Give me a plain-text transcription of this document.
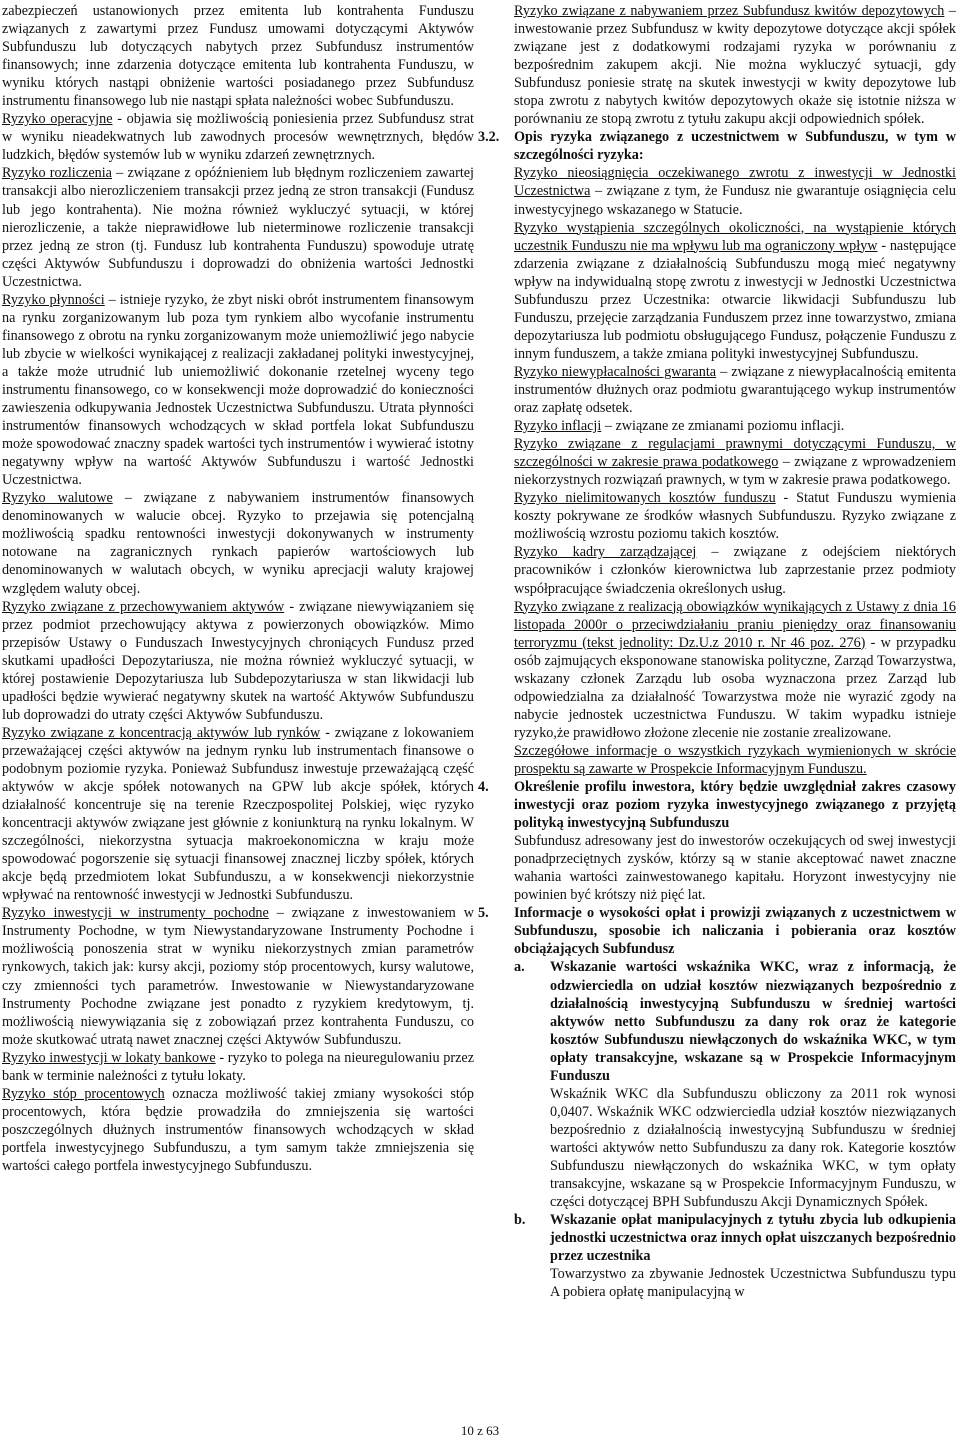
zabezpieczeń ustanowionych przez emitenta lub kontrahenta Funduszu związanych z zawartymi przez Fundusz umowami dotyczącymi Aktywów Subfunduszu lub dotyczących nabytych przez Subfundusz instrumentów finansowych; inne zdarzenia dotyczące emitenta lub kontrahenta Funduszu, w wyniku których nastąpi obniżenie wartości posiadanego przez Subfundusz instrumentu finansowego lub nie nastąpi spłata należności wobec Subfunduszu.

Ryzyko operacyjne - objawia się możliwością poniesienia przez Subfundusz strat w wyniku nieadekwatnych lub zawodnych procesów wewnętrznych, błędów ludzkich, błędów systemów lub w wyniku zdarzeń zewnętrznych.

Ryzyko rozliczenia – związane z opóźnieniem lub błędnym rozliczeniem zawartej transakcji albo nierozliczeniem transakcji przez jedną ze stron transakcji (Fundusz lub jego kontrahenta). Nie można również wykluczyć sytuacji, w której nierozliczenie, a także nieprawidłowe lub nieterminowe rozliczenie transakcji przez jedną ze stron (tj. Fundusz lub kontrahenta Funduszu) spowoduje utratę części Aktywów Subfunduszu i doprowadzi do obniżenia wartości Jednostki Uczestnictwa.

Ryzyko płynności – istnieje ryzyko, że zbyt niski obrót instrumentem finansowym na rynku zorganizowanym lub poza tym rynkiem albo wycofanie instrumentu finansowego z obrotu na rynku zorganizowanym może uniemożliwić jego nabycie lub zbycie w wielkości wynikającej z realizacji zakładanej polityki inwestycyjnej, a także może utrudnić lub uniemożliwić dokonanie rzetelnej wyceny tego instrumentu finansowego, co w konsekwencji może doprowadzić do konieczności zawieszenia odkupywania Jednostek Uczestnictwa Subfunduszu. Utrata płynności instrumentów finansowych wchodzących w skład portfela lokat Subfunduszu może spowodować znaczny spadek wartości tych instrumentów i wywierać istotny negatywny wpływ na wartość Aktywów Subfunduszu i wartość Jednostki Uczestnictwa.

Ryzyko walutowe – związane z nabywaniem instrumentów finansowych denominowanych w walucie obcej. Ryzyko to przejawia się potencjalną możliwością spadku rentowności inwestycji dokonywanych w instrumenty notowane na zagranicznych rynkach papierów wartościowych lub denominowanych w walutach obcych, w wyniku aprecjacji waluty krajowej względem waluty obcej.

Ryzyko związane z przechowywaniem aktywów - związane niewywiązaniem się przez podmiot przechowujący aktywa z powierzonych obowiązków. Mimo przepisów Ustawy o Funduszach Inwestycyjnych chroniących Fundusz przed skutkami upadłości Depozytariusza, nie można również wykluczyć sytuacji, w której postawienie Depozytariusza lub Subdepozytariusza w stan likwidacji lub upadłości będzie wywierać negatywny skutek na wartość Aktywów Subfunduszu lub doprowadzi do utraty części Aktywów Subfunduszu.

Ryzyko związane z koncentracją aktywów lub rynków - związane z lokowaniem przeważającej części aktywów na jednym rynku lub instrumentach finansowe o podobnym poziomie ryzyka. Ponieważ Subfundusz inwestuje przeważającą część aktywów w akcje spółek notowanych na GPW lub akcje spółek, których działalność koncentruje się na terenie Rzeczpospolitej Polskiej, więc ryzyko koncentracji aktywów związane jest głównie z koniunkturą na rynku lokalnym. W szczególności, niekorzystna sytuacja makroekonomiczna w kraju może spowodować pogorszenie się sytuacji finansowej znacznej liczby spółek, których akcje będą przedmiotem lokat Subfunduszu, a w konsekwencji niekorzystnie wpływać na rentowność inwestycji w Jednostki Subfunduszu.

Ryzyko inwestycji w instrumenty pochodne – związane z inwestowaniem w Instrumenty Pochodne, w tym Niewystandaryzowane Instrumenty Pochodne i możliwością ponoszenia strat w wyniku niekorzystnych zmian parametrów rynkowych, takich jak: kursy akcji, poziomy stóp procentowych, kursy walutowe, czy zmienności tych parametrów. Inwestowanie w Niewystandaryzowane Instrumenty Pochodne związane jest ponadto z ryzykiem kredytowym, tj. możliwością niewywiązania się z zobowiązań przez kontrahenta Funduszu, co może skutkować utratą nawet znacznej części Aktywów Subfunduszu.

Ryzyko inwestycji w lokaty bankowe - ryzyko to polega na nieuregulowaniu przez bank w terminie należności z tytułu lokaty.

Ryzyko stóp procentowych oznacza możliwość takiej zmiany wysokości stóp procentowych, która będzie prowadziła do zmniejszenia się wartości poszczególnych dłużnych instrumentów finansowych wchodzących w skład portfela inwestycyjnego Subfunduszu, a tym samym także zmniejszenia się wartości całego portfela inwestycyjnego Subfunduszu.

Ryzyko związane z nabywaniem przez Subfundusz kwitów depozytowych – inwestowanie przez Subfundusz w kwity depozytowe dotyczące akcji spółek związane jest z dodatkowymi rodzajami ryzyka w porównaniu z bezpośrednim zakupem akcji. Nie można wykluczyć sytuacji, gdy Subfundusz poniesie stratę na skutek inwestycji w kwity depozytowe lub stopa zwrotu z nabytych kwitów depozytowych okaże się istotnie niższa w porównaniu ze stopą zwrotu z tytułu zakupu akcji odpowiednich spółek.

3.2.	Opis ryzyka związanego z uczestnictwem w Subfunduszu, w tym w szczególności ryzyka:

Ryzyko nieosiągnięcia oczekiwanego zwrotu z inwestycji w Jednostki Uczestnictwa – związane z tym, że Fundusz nie gwarantuje osiągnięcia celu inwestycyjnego wskazanego w Statucie.

Ryzyko wystąpienia szczególnych okoliczności, na wystąpienie których uczestnik Funduszu nie ma wpływu lub ma ograniczony wpływ - następujące zdarzenia związane z działalnością Subfunduszu mogą mieć negatywny wpływ na indywidualną stopę zwrotu z inwestycji w Jednostki Uczestnictwa Subfunduszu przez Uczestnika: otwarcie likwidacji Subfunduszu lub Funduszu, przejęcie zarządzania Funduszem przez inne towarzystwo, zmiana depozytariusza lub podmiotu obsługującego Fundusz, połączenie Funduszu z innym funduszem, a także zmiana polityki inwestycyjnej Subfunduszu.

Ryzyko niewypłacalności gwaranta – związane z niewypłacalnością emitenta instrumentów dłużnych oraz podmiotu gwarantującego wykup instrumentów oraz zapłatę odsetek.

Ryzyko inflacji – związane ze zmianami poziomu inflacji.

Ryzyko związane z regulacjami prawnymi dotyczącymi Funduszu, w szczególności w zakresie prawa podatkowego – związane z wprowadzeniem niekorzystnych rozwiązań prawnych, w tym w zakresie prawa podatkowego.

Ryzyko nielimitowanych kosztów funduszu - Statut Funduszu wymienia koszty pokrywane ze środków własnych Subfunduszu. Ryzyko związane z możliwością wzrostu poziomu takich kosztów.

Ryzyko kadry zarządzającej – związane z odejściem niektórych pracowników i członków kierownictwa lub zaprzestanie przez podmioty współpracujące świadczenia określonych usług.

Ryzyko związane z realizacją obowiązków wynikających z Ustawy z dnia 16 listopada 2000r o przeciwdziałaniu praniu pieniędzy oraz finansowaniu terroryzmu (tekst jednolity: Dz.U.z 2010 r. Nr 46 poz. 276) - w przypadku osób zajmujących eksponowane stanowiska polityczne, Zarząd Towarzystwa, wskazany członek Zarządu lub osoba wyznaczona przez Zarząd lub odpowiedzialna za działalność Towarzystwa może nie wyrazić zgody na nabycie jednostek uczestnictwa Funduszu. W takim wypadku istnieje ryzyko,że prawidłowo złożone zlecenie nie zostanie zrealizowane.

Szczegółowe informacje o wszystkich ryzykach wymienionych w skrócie prospektu są zawarte w Prospekcie Informacyjnym Funduszu.

4.	Określenie profilu inwestora, który będzie uwzględniał zakres czasowy inwestycji oraz poziom ryzyka inwestycyjnego związanego z przyjętą polityką inwestycyjną Subfunduszu

Subfundusz adresowany jest do inwestorów oczekujących od swej inwestycji ponadprzeciętnych zysków, którzy są w stanie akceptować nawet znaczne wahania wartości zainwestowanego kapitału. Horyzont inwestycyjny nie powinien być krótszy niż pięć lat.

5.	Informacje o wysokości opłat i prowizji związanych z uczestnictwem w Subfunduszu, sposobie ich naliczania i pobierania oraz kosztów obciążających Subfundusz
a.	Wskazanie wartości wskaźnika WKC, wraz z informacją, że odzwierciedla on udział kosztów niezwiązanych bezpośrednio z działalnością inwestycyjną Subfunduszu w średniej wartości aktywów netto Subfunduszu za dany rok oraz że kategorie kosztów Subfunduszu niewłączonych do wskaźnika WKC, w tym opłaty transakcyjne, wskazane są w Prospekcie Informacyjnym Funduszu

Wskaźnik WKC dla Subfunduszu obliczony za 2011 rok wynosi 0,0407. Wskaźnik WKC odzwierciedla udział kosztów niezwiązanych bezpośrednio z działalnością inwestycyjną Subfunduszu w średniej wartości aktywów netto Subfunduszu za dany rok. Kategorie kosztów Subfunduszu niewłączonych do wskaźnika WKC, w tym opłaty transakcyjne, wskazane są w Prospekcie Informacyjnym Funduszu, w części dotyczącej BPH Subfunduszu Akcji Dynamicznych Spółek.

b.	Wskazanie opłat manipulacyjnych z tytułu zbycia lub odkupienia jednostki uczestnictwa oraz innych opłat uiszczanych bezpośrednio przez uczestnika

Towarzystwo za zbywanie Jednostek Uczestnictwa Subfunduszu typu A pobiera opłatę manipulacyjną w

10 z 63
